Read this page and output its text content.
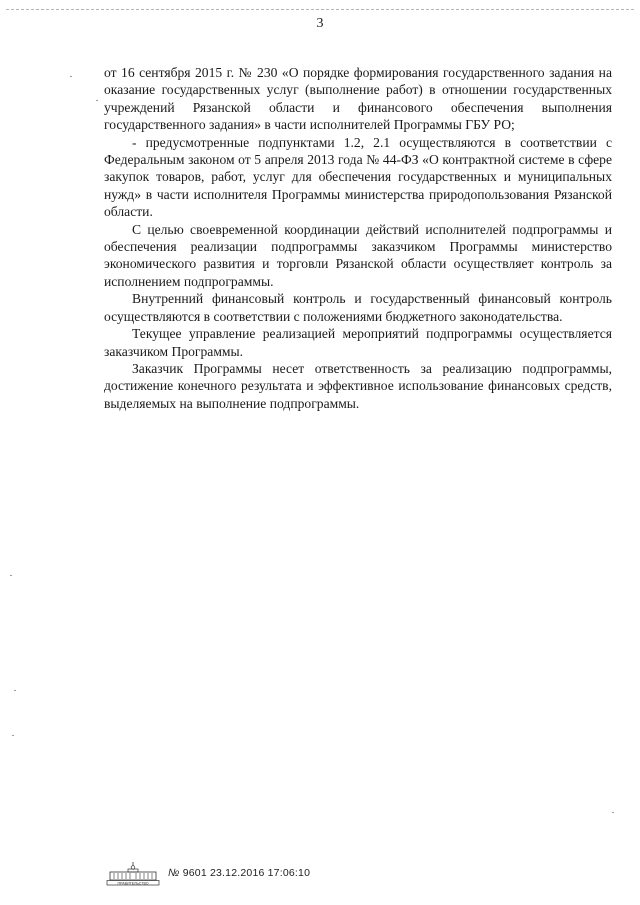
3

от 16 сентября 2015 г. № 230 «О порядке формирования государственного задания на оказание государственных услуг (выполнение работ) в отношении государственных учреждений Рязанской области и финансового обеспечения выполнения государственного задания» в части исполнителей Программы ГБУ РО;

- предусмотренные подпунктами 1.2, 2.1 осуществляются в соответствии с Федеральным законом от 5 апреля 2013 года № 44-ФЗ «О контрактной системе в сфере закупок товаров, работ, услуг для обеспечения государственных и муниципальных нужд» в части исполнителя Программы министерства природопользования Рязанской области.

С целью своевременной координации действий исполнителей подпрограммы и обеспечения реализации подпрограммы заказчиком Программы министерство экономического развития и торговли Рязанской области осуществляет контроль за исполнением подпрограммы.

Внутренний финансовый контроль и государственный финансовый контроль осуществляются в соответствии с положениями бюджетного законодательства.

Текущее управление реализацией мероприятий подпрограммы осуществляется заказчиком Программы.

Заказчик Программы несет ответственность за реализацию подпрограммы, достижение конечного результата и эффективное использование финансовых средств, выделяемых на выполнение подпрограммы.

ПРАВИТЕЛЬСТВО
№ 9601 23.12.2016 17:06:10
